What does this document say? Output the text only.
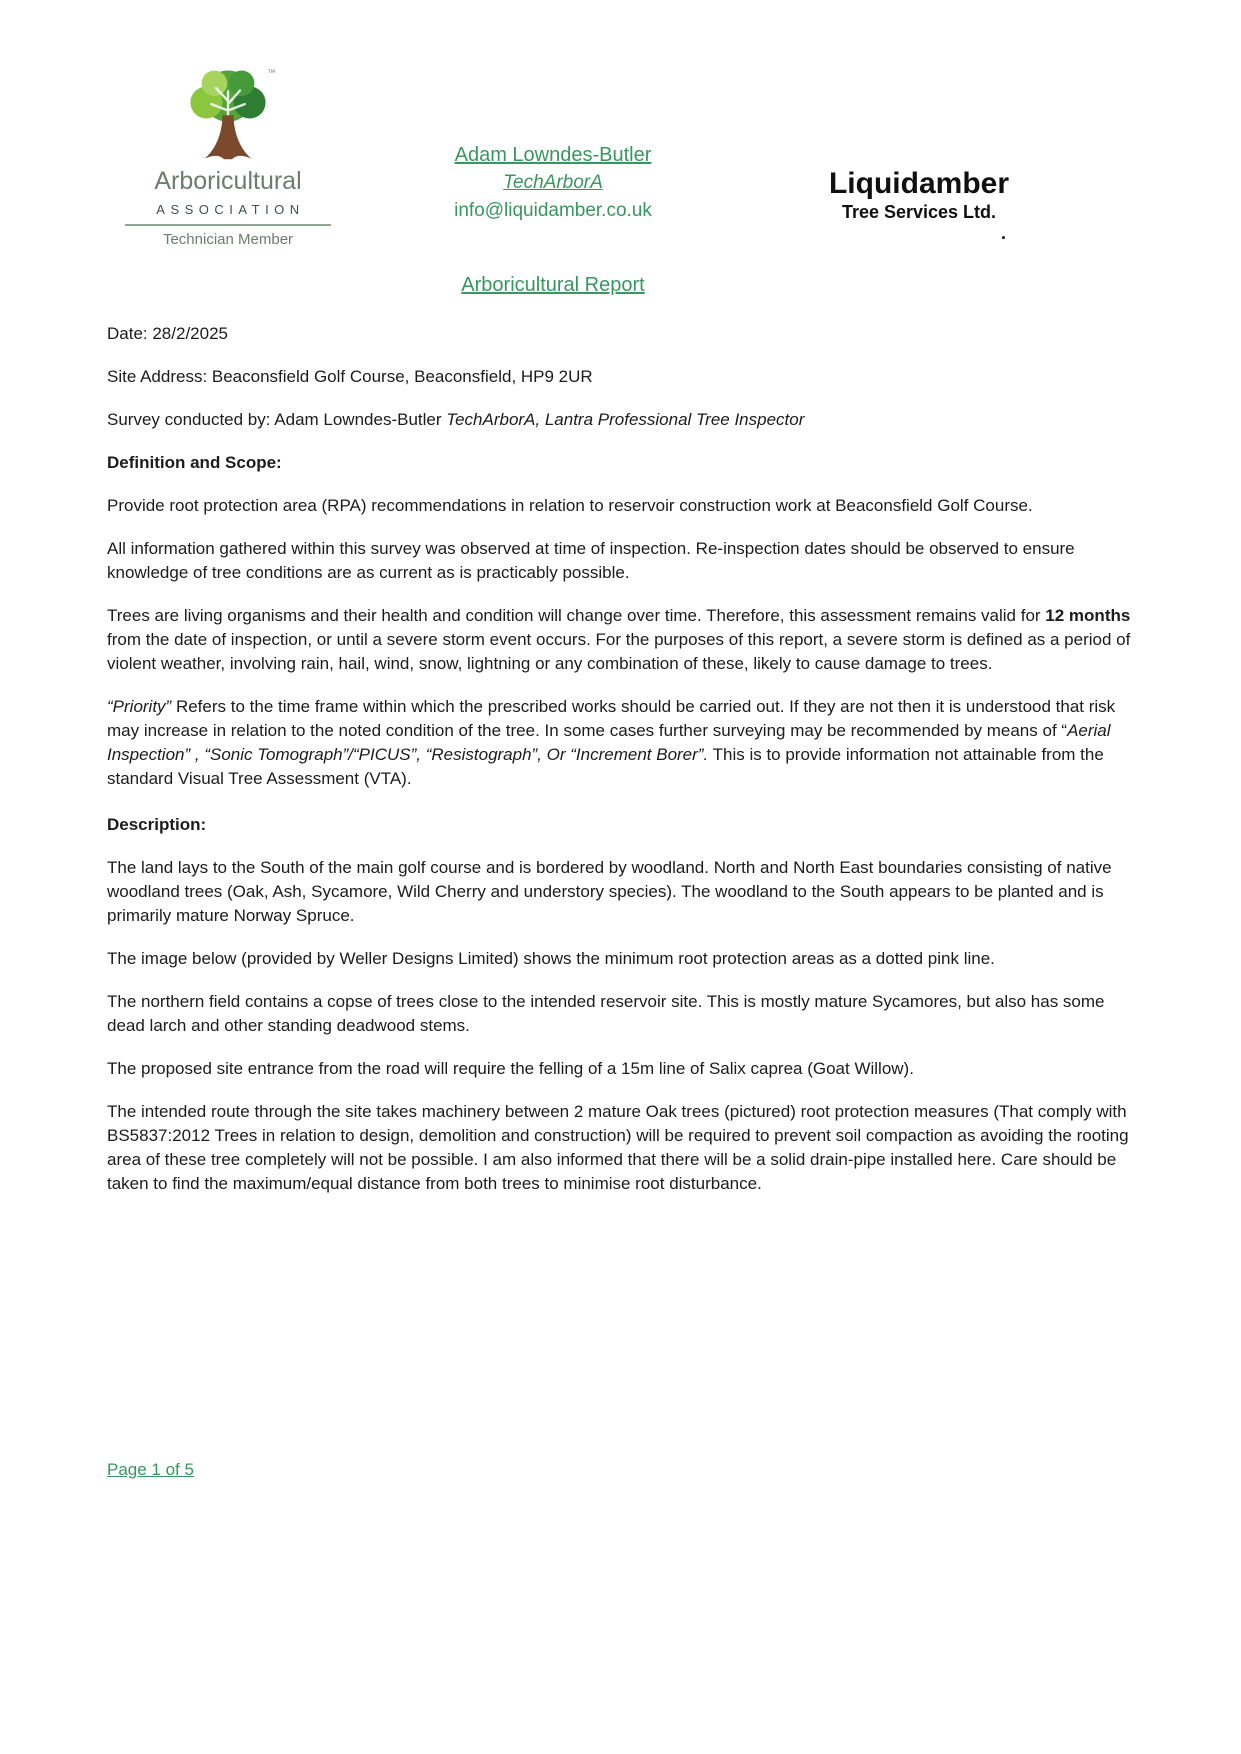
™
Arboricultural
ASSOCIATION
Technician Member
Adam Lowndes-Butler
TechArborA
info@liquidamber.co.uk
Liquidamber
Tree Services Ltd.
.
Arboricultural Report

Date: 28/2/2025

Site Address: Beaconsfield Golf Course, Beaconsfield, HP9 2UR

Survey conducted by: Adam Lowndes-Butler TechArborA, Lantra Professional Tree Inspector

Definition and Scope:

Provide root protection area (RPA) recommendations in relation to reservoir construction work at Beaconsfield Golf Course.

All information gathered within this survey was observed at time of inspection. Re-inspection dates should be observed to ensure knowledge of tree conditions are as current as is practicably possible.

Trees are living organisms and their health and condition will change over time. Therefore, this assessment remains valid for 12 months from the date of inspection, or until a severe storm event occurs. For the purposes of this report, a severe storm is defined as a period of violent weather, involving rain, hail, wind, snow, lightning or any combination of these, likely to cause damage to trees.

“Priority” Refers to the time frame within which the prescribed works should be carried out. If they are not then it is understood that risk may increase in relation to the noted condition of the tree. In some cases further surveying may be recommended by means of “Aerial Inspection” , “Sonic Tomograph”/“PICUS”, “Resistograph”, Or “Increment Borer”. This is to provide information not attainable from the standard Visual Tree Assessment (VTA).

Description:

The land lays to the South of the main golf course and is bordered by woodland. North and North East boundaries consisting of native woodland trees (Oak, Ash, Sycamore, Wild Cherry and understory species). The woodland to the South appears to be planted and is primarily mature Norway Spruce.

The image below (provided by Weller Designs Limited) shows the minimum root protection areas as a dotted pink line.

The northern field contains a copse of trees close to the intended reservoir site. This is mostly mature Sycamores, but also has some dead larch and other standing deadwood stems.

The proposed site entrance from the road will require the felling of a 15m line of Salix caprea (Goat Willow).

The intended route through the site takes machinery between 2 mature Oak trees (pictured) root protection measures (That comply with BS5837:2012 Trees in relation to design, demolition and construction) will be required to prevent soil compaction as avoiding the rooting area of these tree completely will not be possible. I am also informed that there will be a solid drain-pipe installed here. Care should be taken to find the maximum/equal distance from both trees to minimise root disturbance.

Page 1 of 5
